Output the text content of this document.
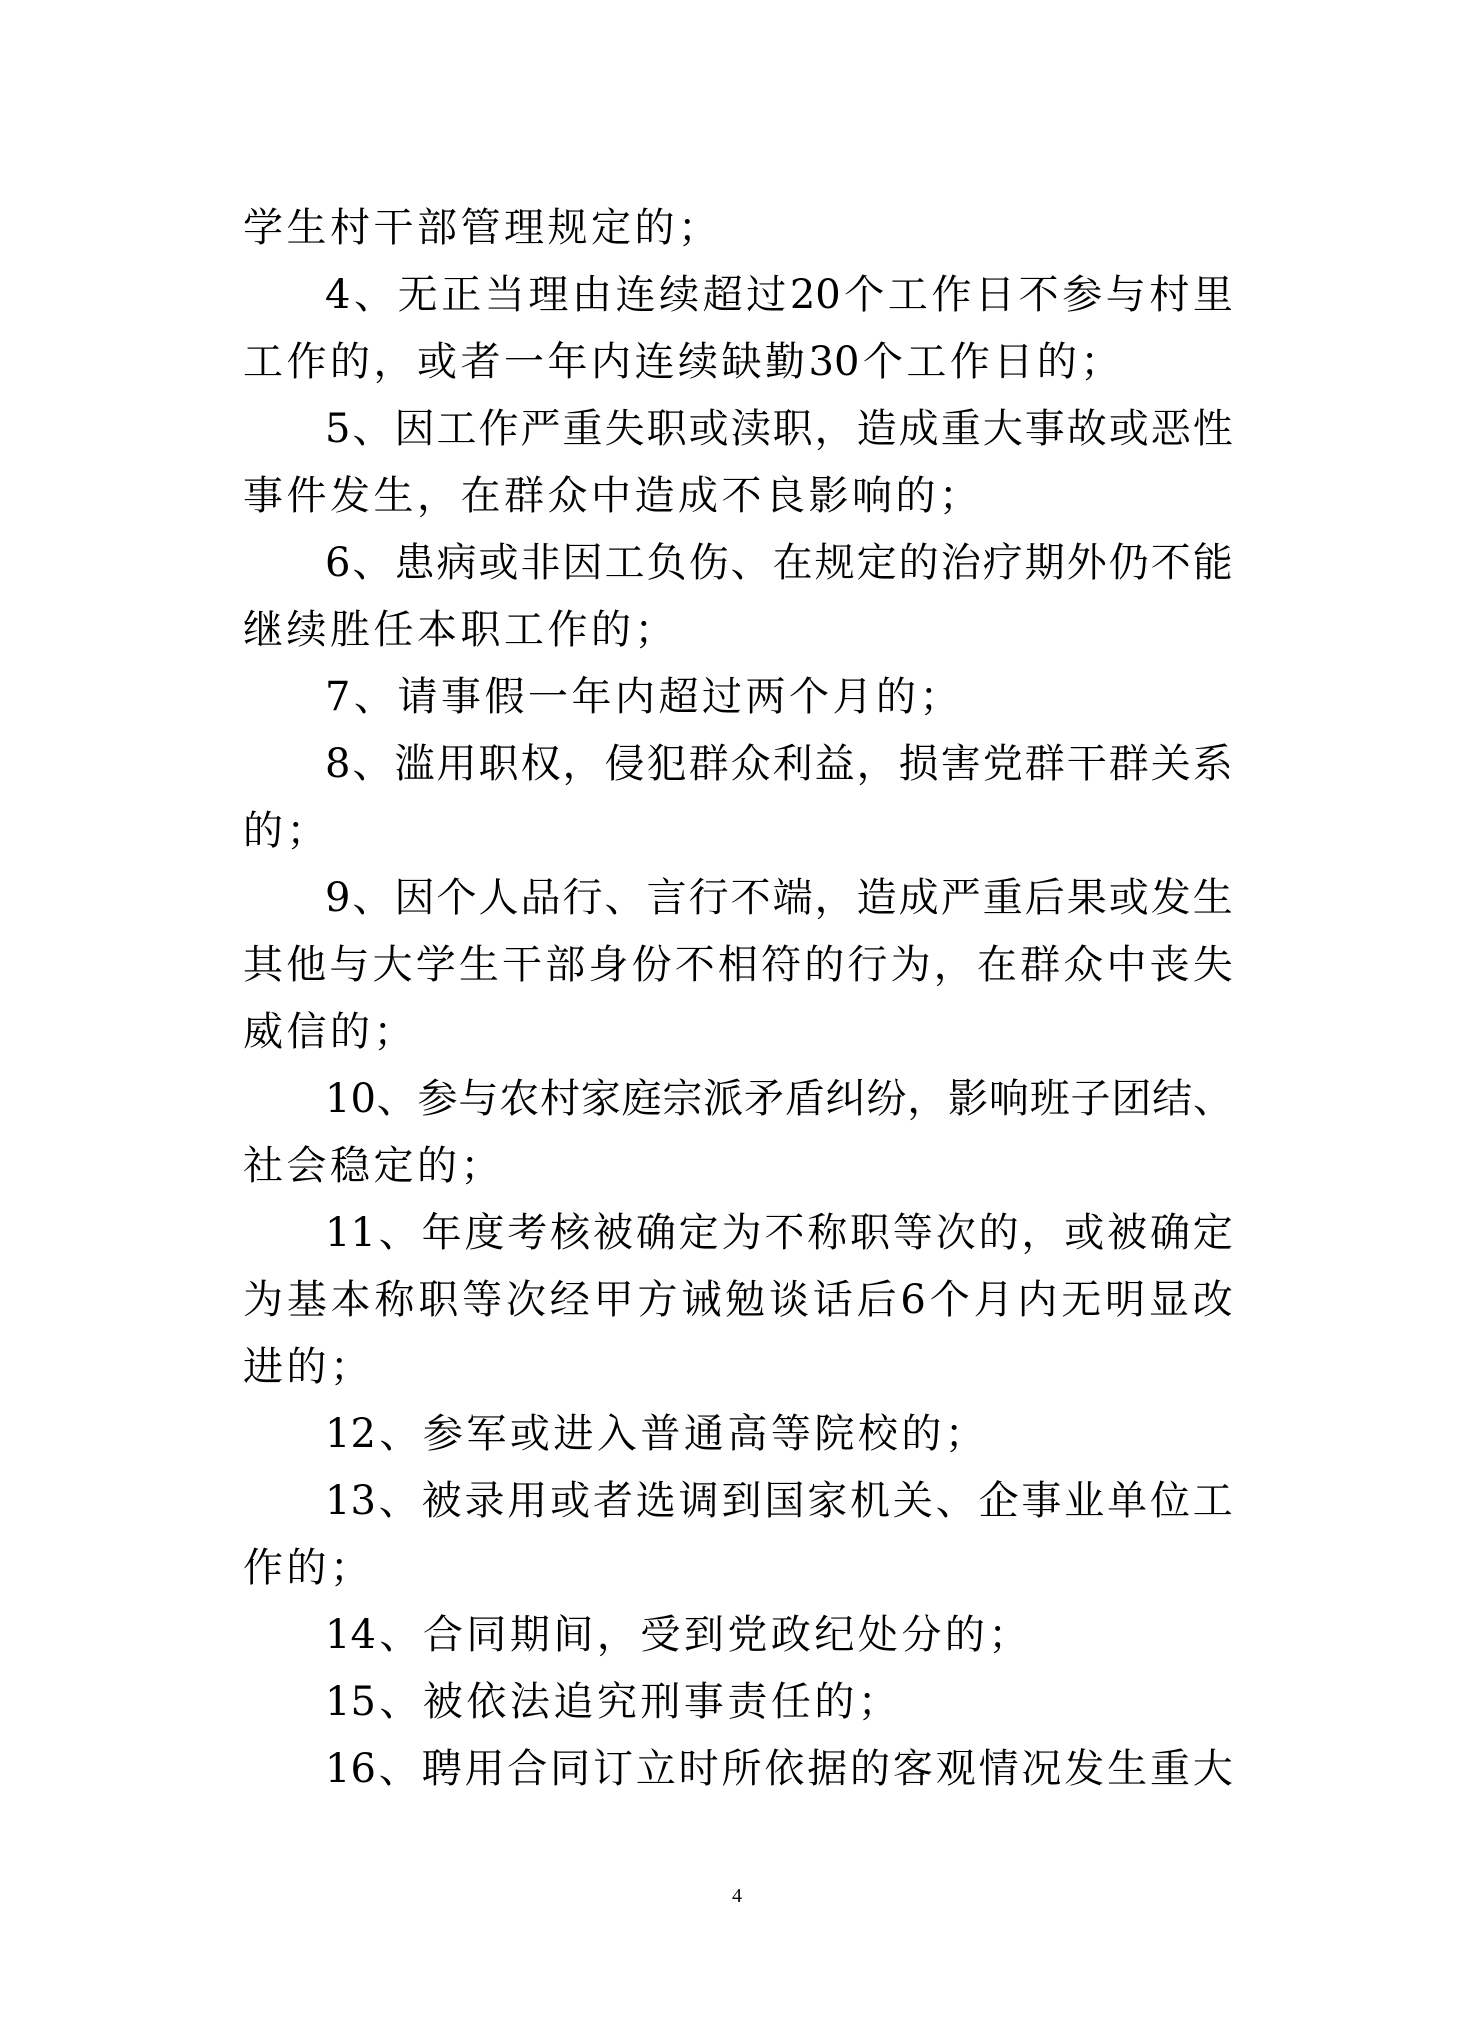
学 生 村 干 部 管 理 规 定 的 ；
4 、 无 正 当 理 由 连 续 超 过 20 个 工 作 日 不 参 与 村 里
工 作 的 ， 或 者 一 年 内 连 续 缺 勤 30 个 工 作 日 的 ；
5 、 因 工 作 严 重 失 职 或 渎 职 ， 造 成 重 大 事 故 或 恶 性
事 件 发 生 ， 在 群 众 中 造 成 不 良 影 响 的 ；
6 、 患 病 或 非 因 工 负 伤 、 在 规 定 的 治 疗 期 外 仍 不 能
继 续 胜 任 本 职 工 作 的 ；
7 、 请 事 假 一 年 内 超 过 两 个 月 的 ；
8 、 滥 用 职 权 ， 侵 犯 群 众 利 益 ， 损 害 党 群 干 群 关 系
的 ；
9 、 因 个 人 品 行 、 言 行 不 端 ， 造 成 严 重 后 果 或 发 生
其 他 与 大 学 生 干 部 身 份 不 相 符 的 行 为 ， 在 群 众 中 丧 失
威 信 的 ；
10 、 参 与 农 村 家 庭 宗 派 矛 盾 纠 纷 ， 影 响 班 子 团 结 、
社 会 稳 定 的 ；
11 、 年 度 考 核 被 确 定 为 不 称 职 等 次 的 ， 或 被 确 定
为 基 本 称 职 等 次 经 甲 方 诫 勉 谈 话 后 6 个 月 内 无 明 显 改
进 的 ；
12 、 参 军 或 进 入 普 通 高 等 院 校 的 ；
13 、 被 录 用 或 者 选 调 到 国 家 机 关 、 企 事 业 单 位 工
作 的 ；
14 、 合 同 期 间 ， 受 到 党 政 纪 处 分 的 ；
15 、 被 依 法 追 究 刑 事 责 任 的 ；
16 、 聘 用 合 同 订 立 时 所 依 据 的 客 观 情 况 发 生 重 大
4
